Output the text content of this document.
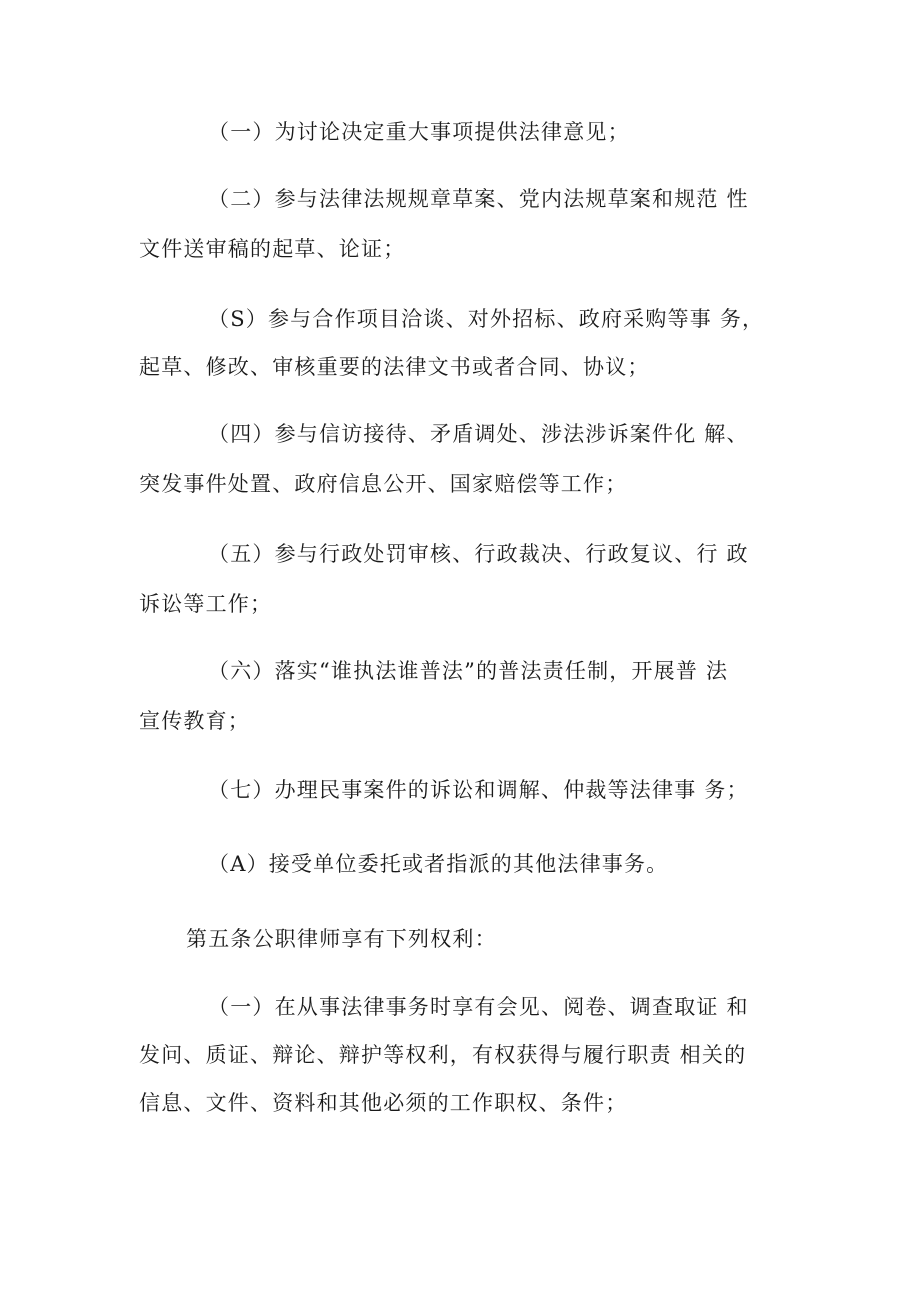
（一）为讨论决定重大事项提供法律意见；
（二）参与法律法规规章草案、党内法规草案和规范 性
文件送审稿的起草、论证；
（S）参与合作项目洽谈、对外招标、政府采购等事 务，
起草、修改、审核重要的法律文书或者合同、协议；
（四）参与信访接待、矛盾调处、涉法涉诉案件化 解、
突发事件处置、政府信息公开、国家赔偿等工作；
（五）参与行政处罚审核、行政裁决、行政复议、行 政
诉讼等工作；
（六）落实“谁执法谁普法”的普法责任制，开展普 法
宣传教育；
（七）办理民事案件的诉讼和调解、仲裁等法律事 务；
（A）接受单位委托或者指派的其他法律事务。
第五条公职律师享有下列权利：
（一）在从事法律事务时享有会见、阅卷、调查取证 和
发问、质证、辩论、辩护等权利，有权获得与履行职责 相关的
信息、文件、资料和其他必须的工作职权、条件；
